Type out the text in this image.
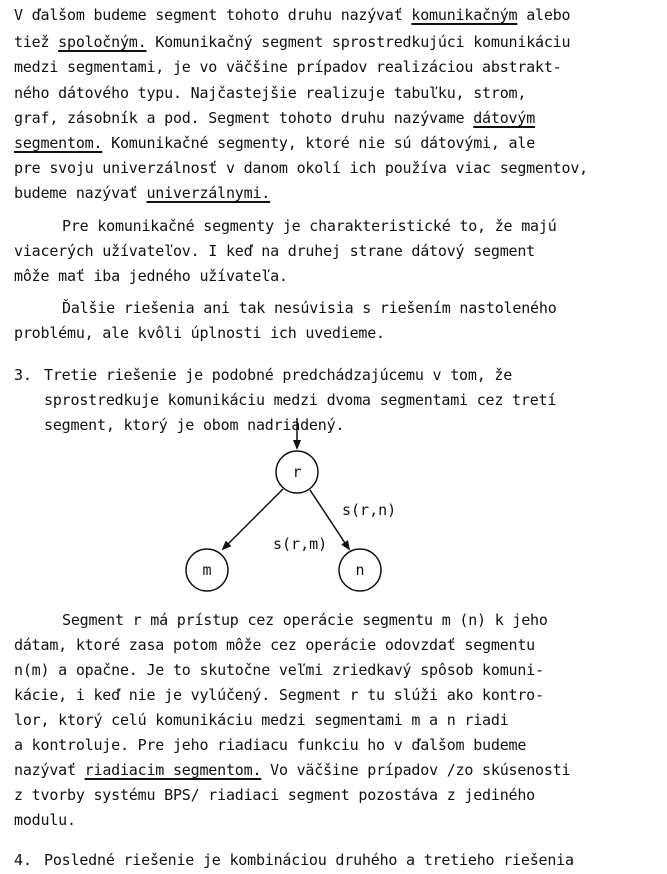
V ďalšom budeme segment tohoto druhu nazývať komunikačným alebo
tiež spoločným. Komunikačný segment sprostredkujúci komunikáciu
medzi segmentami, je vo väčšine prípadov realizáciou abstrakt-
ného dátového typu. Najčastejšie realizuje tabuľku, strom,
graf, zásobník a pod. Segment tohoto druhu nazývame dátovým
segmentom. Komunikačné segmenty, ktoré nie sú dátovými, ale
pre svoju univerzálnosť v danom okolí ich používa viac segmentov,
budeme nazývať univerzálnymi.
Pre komunikačné segmenty je charakteristické to, že majú
viacerých užívateľov. I keď na druhej strane dátový segment
môže mať iba jedného užívateľa.
Ďalšie riešenia ani tak nesúvisia s riešením nastoleného
problému, ale kvôli úplnosti ich uvedieme.
3. Tretie riešenie je podobné predchádzajúcemu v tom, že
sprostredkuje komunikáciu medzi dvoma segmentami cez tretí
segment, ktorý je obom nadriadený.
r
m	n
s(r,n)
s(r,m)
Segment r má prístup cez operácie segmentu m (n) k jeho
dátam, ktoré zasa potom môže cez operácie odovzdať segmentu
n(m) a opačne. Je to skutočne veľmi zriedkavý spôsob komuni-
kácie, i keď nie je vylúčený. Segment r tu slúži ako kontro-
lor, ktorý celú komunikáciu medzi segmentami m a n riadi
a kontroluje. Pre jeho riadiacu funkciu ho v ďalšom budeme
nazývať riadiacim segmentom. Vo väčšine prípadov /zo skúsenosti
z tvorby systému BPS/ riadiaci segment pozostáva z jediného
modulu.
4. Posledné riešenie je kombináciou druhého a tretieho riešenia
